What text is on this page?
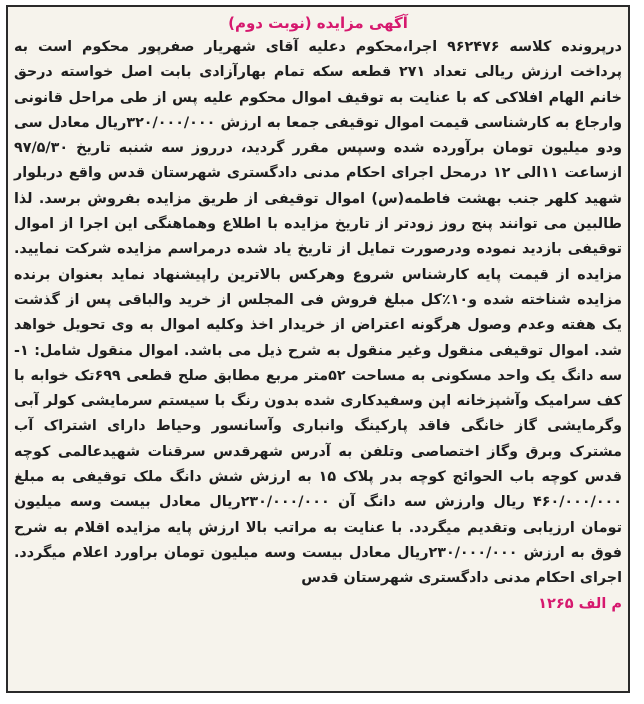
آگهی مزایده (نوبت دوم)

درپرونده کلاسه ۹۶۲۴۷۶ اجرا،محکوم دعلیه آقای شهریار صفرپور محکوم است به پرداخت ارزش ریالی تعداد ۲۷۱ قطعه سکه تمام بهارآزادی بابت اصل خواسته درحق خانم الهام افلاکی که با عنایت به توقیف اموال محکوم علیه پس از طی مراحل قانونی وارجاع به کارشناسی قیمت اموال توقیفی جمعا به ارزش ۳۲۰/۰۰۰/۰۰۰ریال معادل سی ودو میلیون تومان برآورده شده وسپس مقرر گردید، درروز سه شنبه تاریخ ۹۷/۵/۳۰ ازساعت ۱۱الی ۱۲ درمحل اجرای احکام مدنی دادگستری شهرستان قدس واقع دربلوار شهید کلهر جنب بهشت فاطمه(س) اموال توقیفی از طریق مزایده بفروش برسد. لذا طالبین می توانند پنج روز زودتر از تاریخ مزایده با اطلاع وهماهنگی این اجرا از اموال توقیفی بازدید نموده ودرصورت تمایل از تاریخ یاد شده درمراسم مزایده شرکت نمایید. مزایده از قیمت پایه کارشناس شروع وهرکس بالاترین راپیشنهاد نماید بعنوان برنده مزایده شناخته شده و۱۰٪کل مبلغ فروش فی المجلس از خرید والباقی پس از گذشت یک هفته وعدم وصول هرگونه اعتراض از خریدار اخذ وکلیه اموال به وی تحویل خواهد شد. اموال توقیفی منقول وغیر منقول به شرح ذیل می باشد. اموال منقول شامل: ۱- سه دانگ یک واحد مسکونی به مساحت ۵۲متر مربع مطابق صلح قطعی ۶۹۹تک خوابه با کف سرامیک وآشپزخانه اپن وسفیدکاری شده بدون رنگ با سیستم سرمایشی کولر آبی وگرمایشی گاز خانگی فاقد پارکینگ وانباری وآسانسور وحیاط دارای اشتراک آب مشترک وبرق وگاز اختصاصی وتلفن به آدرس شهرقدس سرقنات شهیدعالمی کوچه قدس کوچه باب الحوائج کوچه بدر پلاک ۱۵ به ارزش شش دانگ ملک توقیفی به مبلغ ۴۶۰/۰۰۰/۰۰۰ ریال وارزش سه دانگ آن ۲۳۰/۰۰۰/۰۰۰ریال معادل بیست وسه میلیون تومان ارزیابی وتقدیم میگردد. با عنایت به مراتب بالا ارزش پایه مزایده اقلام به شرح فوق به ارزش ۲۳۰/۰۰۰/۰۰۰ریال معادل بیست وسه میلیون تومان براورد اعلام میگردد. اجرای احکام مدنی دادگستری شهرستان قدس

م الف ۱۲۶۵
